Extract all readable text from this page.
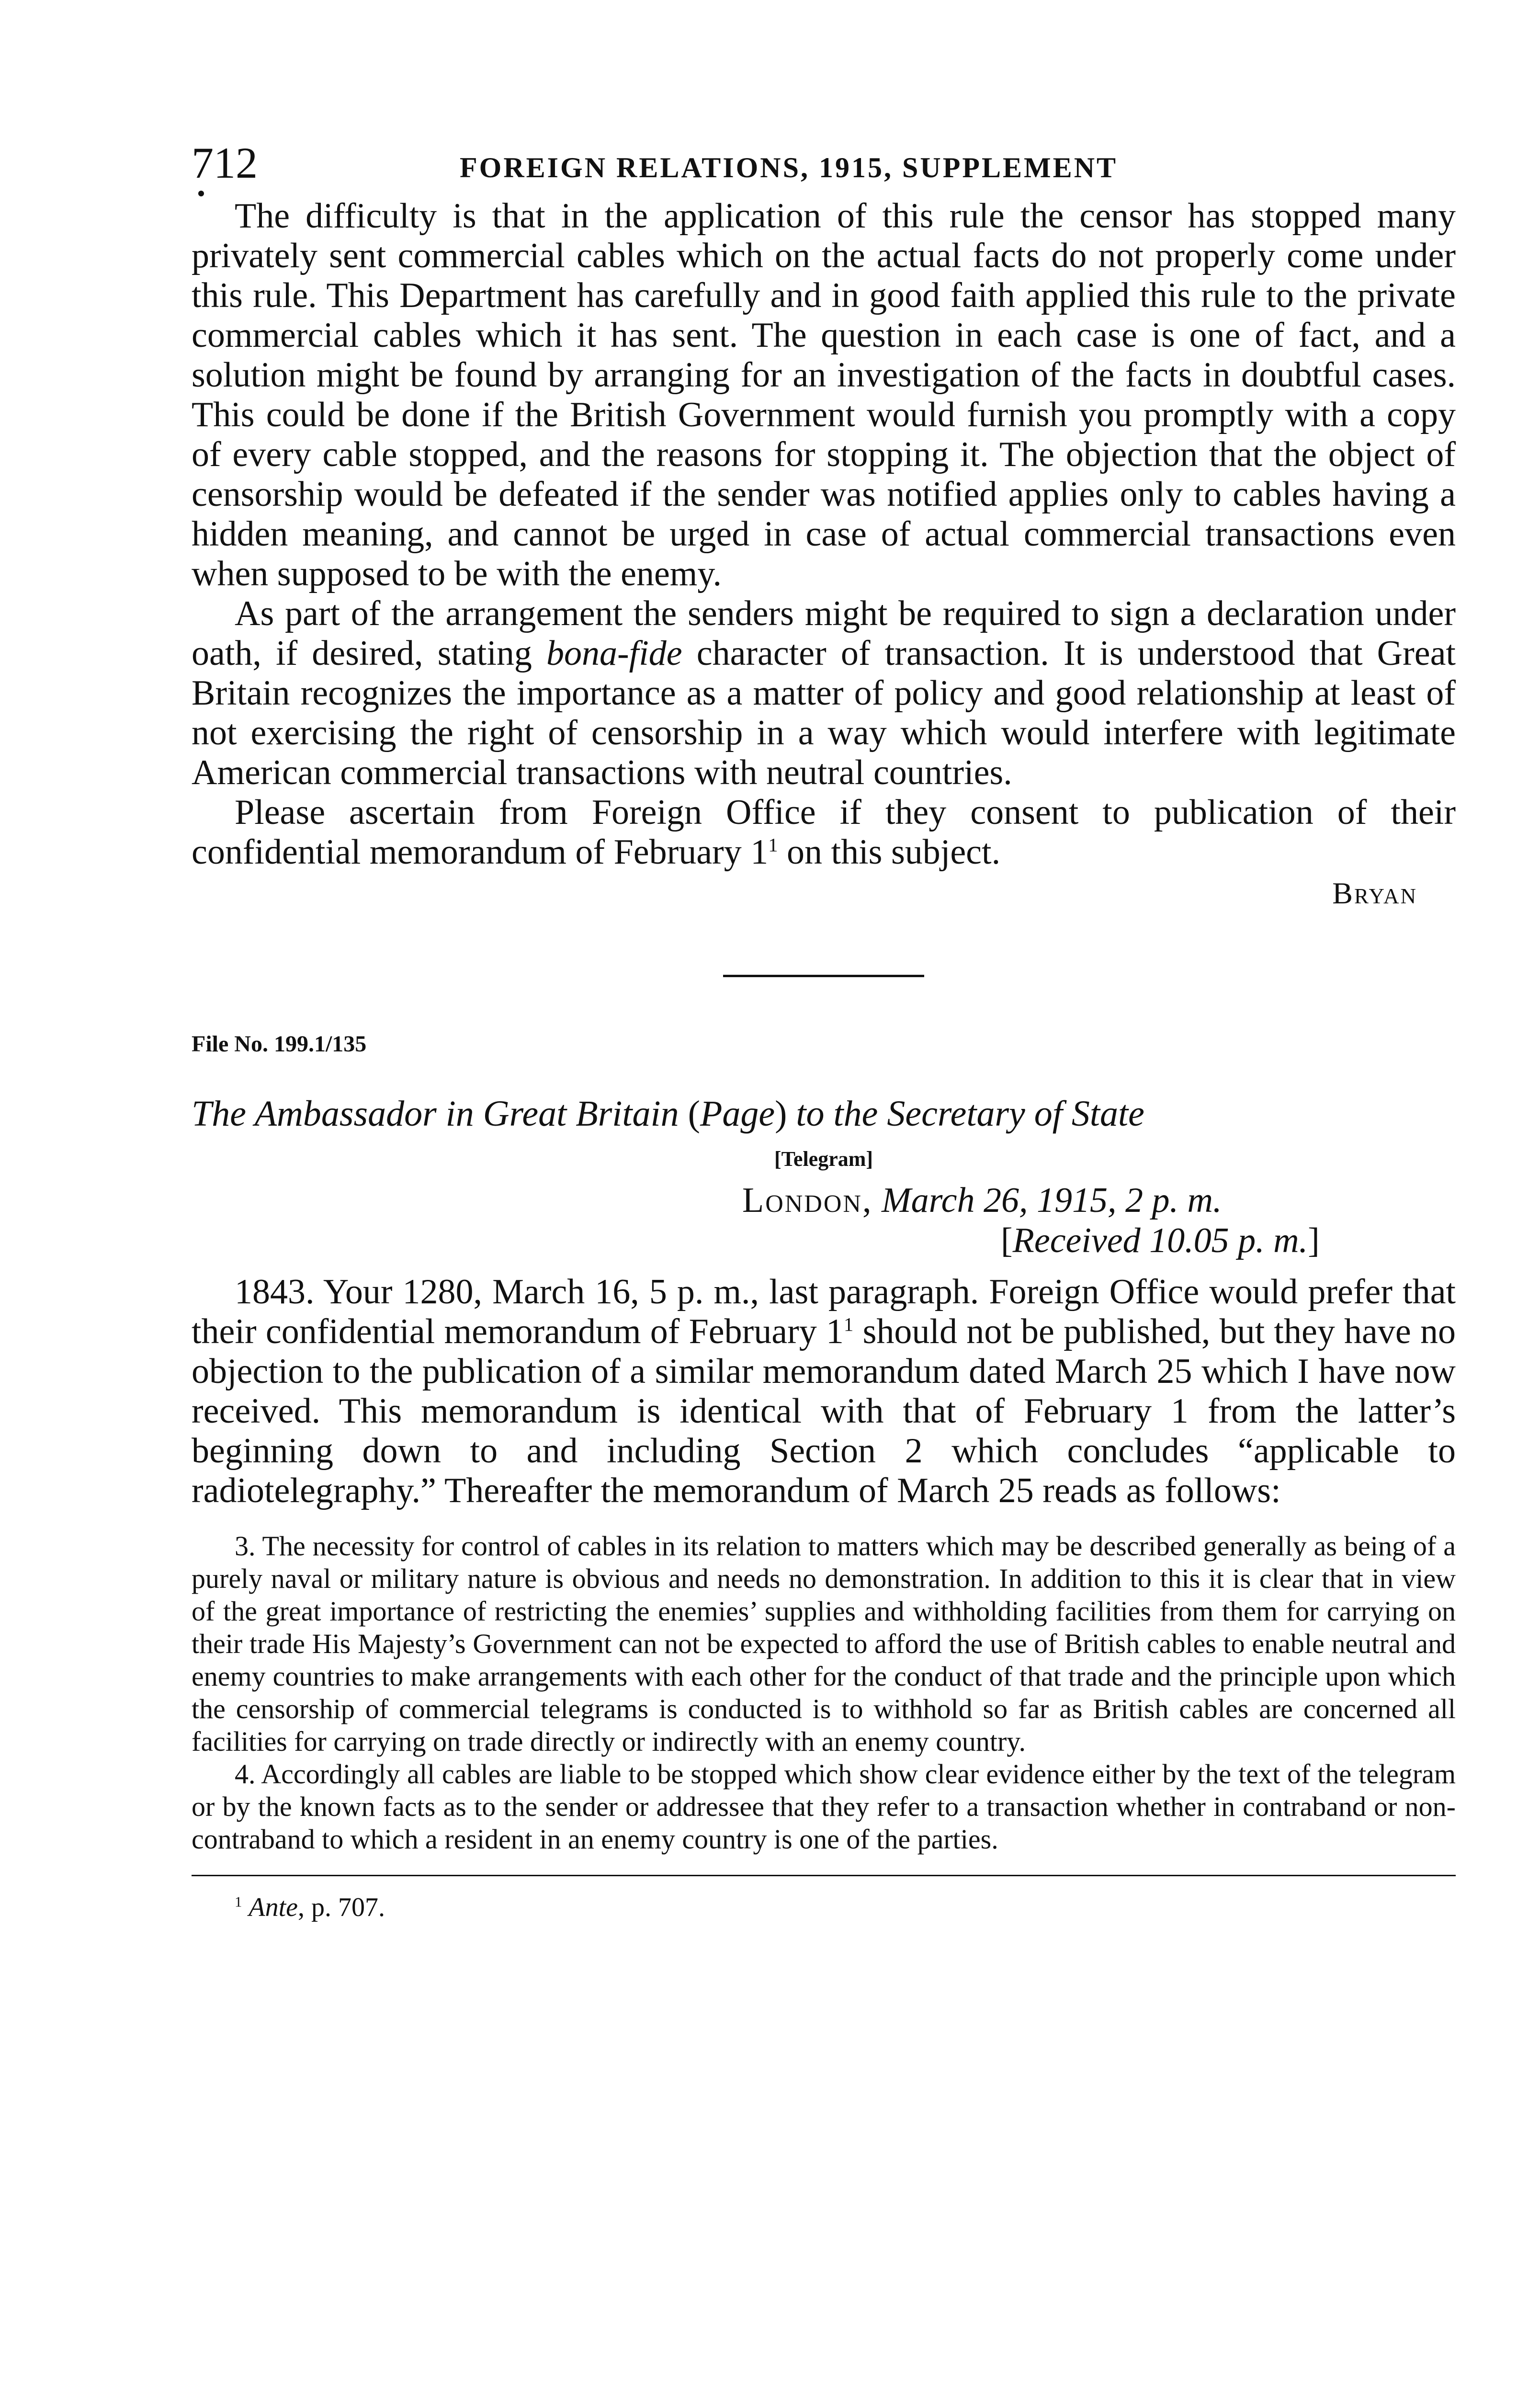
712	FOREIGN RELATIONS, 1915, SUPPLEMENT

The difficulty is that in the application of this rule the censor has stopped many privately sent commercial cables which on the actual facts do not properly come under this rule. This Department has carefully and in good faith applied this rule to the private commercial cables which it has sent. The question in each case is one of fact, and a solution might be found by arranging for an investigation of the facts in doubtful cases. This could be done if the British Government would furnish you promptly with a copy of every cable stopped, and the reasons for stopping it. The objection that the object of censorship would be defeated if the sender was notified applies only to cables having a hidden meaning, and cannot be urged in case of actual commercial transactions even when supposed to be with the enemy.

As part of the arrangement the senders might be required to sign a declaration under oath, if desired, stating bona-fide character of transaction. It is understood that Great Britain recognizes the importance as a matter of policy and good relationship at least of not exercising the right of censorship in a way which would interfere with legitimate American commercial transactions with neutral countries.

Please ascertain from Foreign Office if they consent to publication of their confidential memorandum of February $1^1$ on this subject.

Bryan
File No. 199.1/135
The Ambassador in Great Britain (Page) to the Secretary of State
[Telegram]
London, March 26, 1915, 2 p. m.
[Received 10.05 p. m.]

1843. Your 1280, March 16, 5 p. m., last paragraph. Foreign Office would prefer that their confidential memorandum of February $1^1$ should not be published, but they have no objection to the publication of a similar memorandum dated March 25 which I have now received. This memorandum is identical with that of February 1 from the latter’s beginning down to and including Section 2 which concludes “applicable to radiotelegraphy.” Thereafter the memorandum of March 25 reads as follows:

3. The necessity for control of cables in its relation to matters which may be described generally as being of a purely naval or military nature is obvious and needs no demonstration. In addition to this it is clear that in view of the great importance of restricting the enemies’ supplies and withholding facilities from them for carrying on their trade His Majesty’s Government can not be expected to afford the use of British cables to enable neutral and enemy countries to make arrangements with each other for the conduct of that trade and the principle upon which the censorship of commercial telegrams is conducted is to withhold so far as British cables are concerned all facilities for carrying on trade directly or indirectly with an enemy country.

4. Accordingly all cables are liable to be stopped which show clear evidence either by the text of the telegram or by the known facts as to the sender or addressee that they refer to a transaction whether in contraband or non-contraband to which a resident in an enemy country is one of the parties.

$^1$ Ante, p. 707.
